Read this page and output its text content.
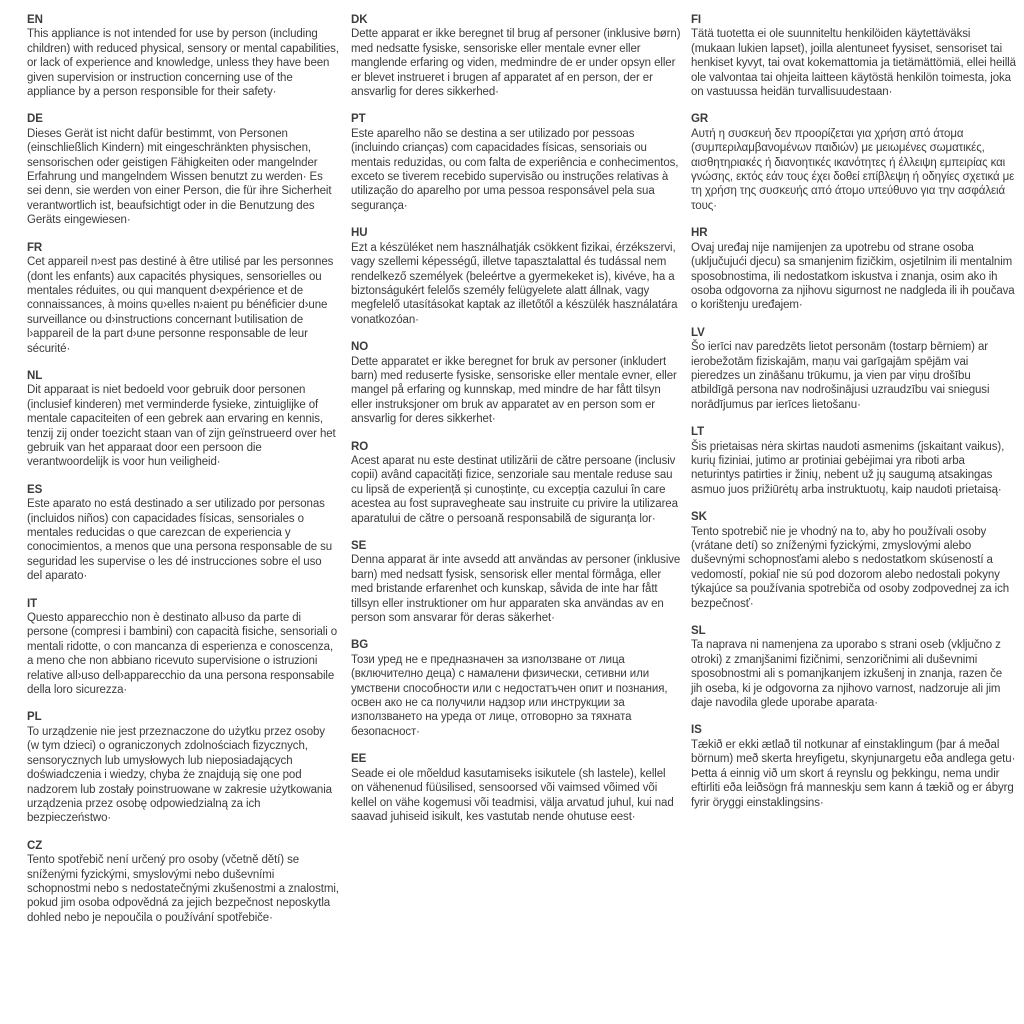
EN

This appliance is not intended for use by person (including children) with reduced physical, sensory or mental capabilities, or lack of experience and knowledge, unless they have been given supervision or instruction concerning use of the appliance by a person responsible for their safety·

DE

Dieses Gerät ist nicht dafür bestimmt, von Personen (einschließlich Kindern) mit eingeschränkten physischen, sensorischen oder geistigen Fähigkeiten oder mangelnder Erfahrung und mangelndem Wissen benutzt zu werden· Es sei denn, sie werden von einer Person, die für ihre Sicherheit verantwortlich ist, beaufsichtigt oder in die Benutzung des Geräts eingewiesen·

FR

Cet appareil n›est pas destiné à être utilisé par les personnes (dont les enfants) aux capacités physiques, sensorielles ou mentales réduites, ou qui manquent d›expérience et de connaissances, à moins qu›elles n›aient pu bénéficier d›une surveillance ou d›instructions concernant l›utilisation de l›appareil de la part d›une personne responsable de leur sécurité·

NL

Dit apparaat is niet bedoeld voor gebruik door personen (inclusief kinderen) met verminderde fysieke, zintuiglijke of mentale capaciteiten of een gebrek aan ervaring en kennis, tenzij zij onder toezicht staan van of zijn geïnstrueerd over het gebruik van het apparaat door een persoon die verantwoordelijk is voor hun veiligheid·

ES

Este aparato no está destinado a ser utilizado por personas (incluidos niños) con capacidades físicas, sensoriales o mentales reducidas o que carezcan de experiencia y conocimientos, a menos que una persona responsable de su seguridad les supervise o les dé instrucciones sobre el uso del aparato·

IT

Questo apparecchio non è destinato all›uso da parte di persone (compresi i bambini) con capacità fisiche, sensoriali o mentali ridotte, o con mancanza di esperienza e conoscenza, a meno che non abbiano ricevuto supervisione o istruzioni relative all›uso dell›apparecchio da una persona responsabile della loro sicurezza·

PL

To urządzenie nie jest przeznaczone do użytku przez osoby (w tym dzieci) o ograniczonych zdolnościach fizycznych, sensorycznych lub umysłowych lub nieposiadających doświadczenia i wiedzy, chyba że znajdują się one pod nadzorem lub zostały poinstruowane w zakresie użytkowania urządzenia przez osobę odpowiedzialną za ich bezpieczeństwo·

CZ

Tento spotřebič není určený pro osoby (včetně dětí) se sníženými fyzickými, smyslovými nebo duševními schopnostmi nebo s nedostatečnými zkušenostmi a znalostmi, pokud jim osoba odpovědná za jejich bezpečnost neposkytla dohled nebo je nepoučila o používání spotřebiče·

DK

Dette apparat er ikke beregnet til brug af personer (inklusive børn) med nedsatte fysiske, sensoriske eller mentale evner eller manglende erfaring og viden, medmindre de er under opsyn eller er blevet instrueret i brugen af apparatet af en person, der er ansvarlig for deres sikkerhed·

PT

Este aparelho não se destina a ser utilizado por pessoas (incluindo crianças) com capacidades físicas, sensoriais ou mentais reduzidas, ou com falta de experiência e conhecimentos, exceto se tiverem recebido supervisão ou instruções relativas à utilização do aparelho por uma pessoa responsável pela sua segurança·

HU

Ezt a készüléket nem használhatják csökkent fizikai, érzékszervi, vagy szellemi képességű, illetve tapasztalattal és tudással nem rendelkező személyek (beleértve a gyermekeket is), kivéve, ha a biztonságukért felelős személy felügyelete alatt állnak, vagy megfelelő utasításokat kaptak az illetőtől a készülék használatára vonatkozóan·

NO

Dette apparatet er ikke beregnet for bruk av personer (inkludert barn) med reduserte fysiske, sensoriske eller mentale evner, eller mangel på erfaring og kunnskap, med mindre de har fått tilsyn eller instruksjoner om bruk av apparatet av en person som er ansvarlig for deres sikkerhet·

RO

Acest aparat nu este destinat utilizării de către persoane (inclusiv copii) având capacități fizice, senzoriale sau mentale reduse sau cu lipsă de experiență și cunoștințe, cu excepția cazului în care acestea au fost supravegheate sau instruite cu privire la utilizarea aparatului de către o persoană responsabilă de siguranța lor·

SE

Denna apparat är inte avsedd att användas av personer (inklusive barn) med nedsatt fysisk, sensorisk eller mental förmåga, eller med bristande erfarenhet och kunskap, såvida de inte har fått tillsyn eller instruktioner om hur apparaten ska användas av en person som ansvarar för deras säkerhet·

BG

Този уред не е предназначен за използване от лица (включително деца) с намалени физически, сетивни или умствени способности или с недостатъчен опит и познания, освен ако не са получили надзор или инструкции за използването на уреда от лице, отговорно за тяхната безопасност·

EE

Seade ei ole mõeldud kasutamiseks isikutele (sh lastele), kellel on vähenenud füüsilised, sensoorsed või vaimsed võimed või kellel on vähe kogemusi või teadmisi, välja arvatud juhul, kui nad saavad juhiseid isikult, kes vastutab nende ohutuse eest·

FI

Tätä tuotetta ei ole suunniteltu henkilöiden käytettäväksi (mukaan lukien lapset), joilla alentuneet fyysiset, sensoriset tai henkiset kyvyt, tai ovat kokemattomia ja tietämättömiä, ellei heillä ole valvontaa tai ohjeita laitteen käytöstä henkilön toimesta, joka on vastuussa heidän turvallisuudestaan·

GR

Αυτή η συσκευή δεν προορίζεται για χρήση από άτομα (συμπεριλαμβανομένων παιδιών) με μειωμένες σωματικές, αισθητηριακές ή διανοητικές ικανότητες ή έλλειψη εμπειρίας και γνώσης, εκτός εάν τους έχει δοθεί επίβλεψη ή οδηγίες σχετικά με τη χρήση της συσκευής από άτομο υπεύθυνο για την ασφάλειά τους·

HR

Ovaj uređaj nije namijenjen za upotrebu od strane osoba (uključujući djecu) sa smanjenim fizičkim, osjetilnim ili mentalnim sposobnostima, ili nedostatkom iskustva i znanja, osim ako ih osoba odgovorna za njihovu sigurnost ne nadgleda ili ih poučava o korištenju uređajem·

LV

Šo ierīci nav paredzēts lietot personām (tostarp bērniem) ar ierobežotām fiziskajām, maņu vai garīgajām spējām vai pieredzes un zināšanu trūkumu, ja vien par viņu drošību atbildīgā persona nav nodrošinājusi uzraudzību vai sniegusi norādījumus par ierīces lietošanu·

LT

Šis prietaisas nėra skirtas naudoti asmenims (įskaitant vaikus), kurių fiziniai, jutimo ar protiniai gebėjimai yra riboti arba neturintys patirties ir žinių, nebent už jų saugumą atsakingas asmuo juos prižiūrėtų arba instruktuotų, kaip naudoti prietaisą·

SK

Tento spotrebič nie je vhodný na to, aby ho používali osoby (vrátane detí) so zníženými fyzickými, zmyslovými alebo duševnými schopnosťami alebo s nedostatkom skúseností a vedomostí, pokiaľ nie sú pod dozorom alebo nedostali pokyny týkajúce sa používania spotrebiča od osoby zodpovednej za ich bezpečnosť·

SL

Ta naprava ni namenjena za uporabo s strani oseb (vključno z otroki) z zmanjšanimi fizičnimi, senzoričnimi ali duševnimi sposobnostmi ali s pomanjkanjem izkušenj in znanja, razen če jih oseba, ki je odgovorna za njihovo varnost, nadzoruje ali jim daje navodila glede uporabe aparata·

IS

Tækið er ekki ætlað til notkunar af einstaklingum (þar á meðal börnum) með skerta hreyfigetu, skynjunargetu eða andlega getu· Þetta á einnig við um skort á reynslu og þekkingu, nema undir eftirliti eða leiðsögn frá manneskju sem kann á tækið og er ábyrg fyrir öryggi einstaklingsins·
